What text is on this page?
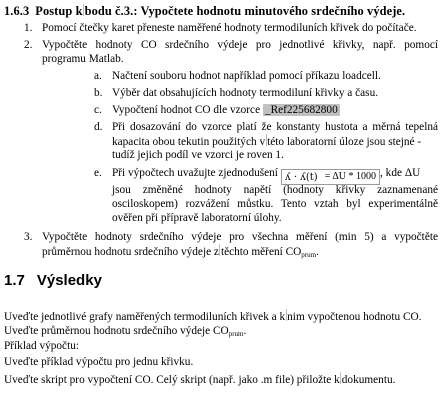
1.6.3 Postup k bodu č.3.: Vypočtete hodnotu minutového srdečního výdeje.
1. Pomocí čtečky karet přeneste naměřené hodnoty termodiluních křivek do počítače.
2. Vypočtěte hodnoty CO srdečního výdeje pro jednotlivé křivky, např. pomocí
programu Matlab.
a. Načtení souboru hodnot například pomocí příkazu loadcell.
b. Výběr dat obsahujících hodnoty termodiluní křivky a času.
c. Vypočtení hodnot CO dle vzorce _Ref225682800
d. Při dosazování do vzorce platí že konstanty hustota a měrná tepelná
kapacita obou tekutin použitých v této laboratorní úloze jsou stejné -
tudíž jejich podíl ve vzorci je roven 1.
e. Při výpočtech uvažujte zjednodušení ʎ · ʎ(t) = ΔU * 1000 , kde ΔU
jsou změněné hodnoty napětí (hodnoty křivky zaznamenané
osciloskopem) rozvážení můstku. Tento vztah byl experimentálně
ověřen při přípravě laboratorní úlohy.
3. Vypočtěte hodnoty srdečního výdeje pro všechna měření (min 5) a vypočtěte
průměrnou hodnotu srdečního výdeje z těchto měření $CO_{prum}$.
1.7 Výsledky
Uveďte jednotlivé grafy naměřených termodiluních křivek a k nim vypočtenou hodnotu CO.
Uveďte průměrnou hodnotu srdečního výdeje $CO_{prum}$.
Příklad výpočtu:
Uveďte příklad výpočtu pro jednu křivku.
Uveďte skript pro vypočtení CO. Celý skript (např. jako .m file) přiložte k dokumentu.
